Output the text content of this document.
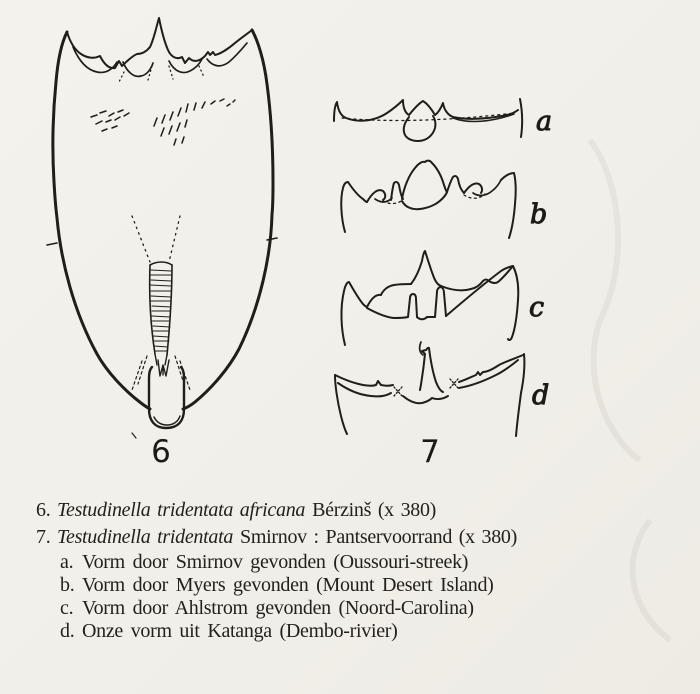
6
a
b
c
d
7
6. Testudinella tridentata africana Bérzinš (x 380)
7. Testudinella tridentata Smirnov : Pantservoorrand (x 380)
a. Vorm door Smirnov gevonden (Oussouri-streek)
b. Vorm door Myers gevonden (Mount Desert Island)
c. Vorm door Ahlstrom gevonden (Noord-Carolina)
d. Onze vorm uit Katanga (Dembo-rivier)
